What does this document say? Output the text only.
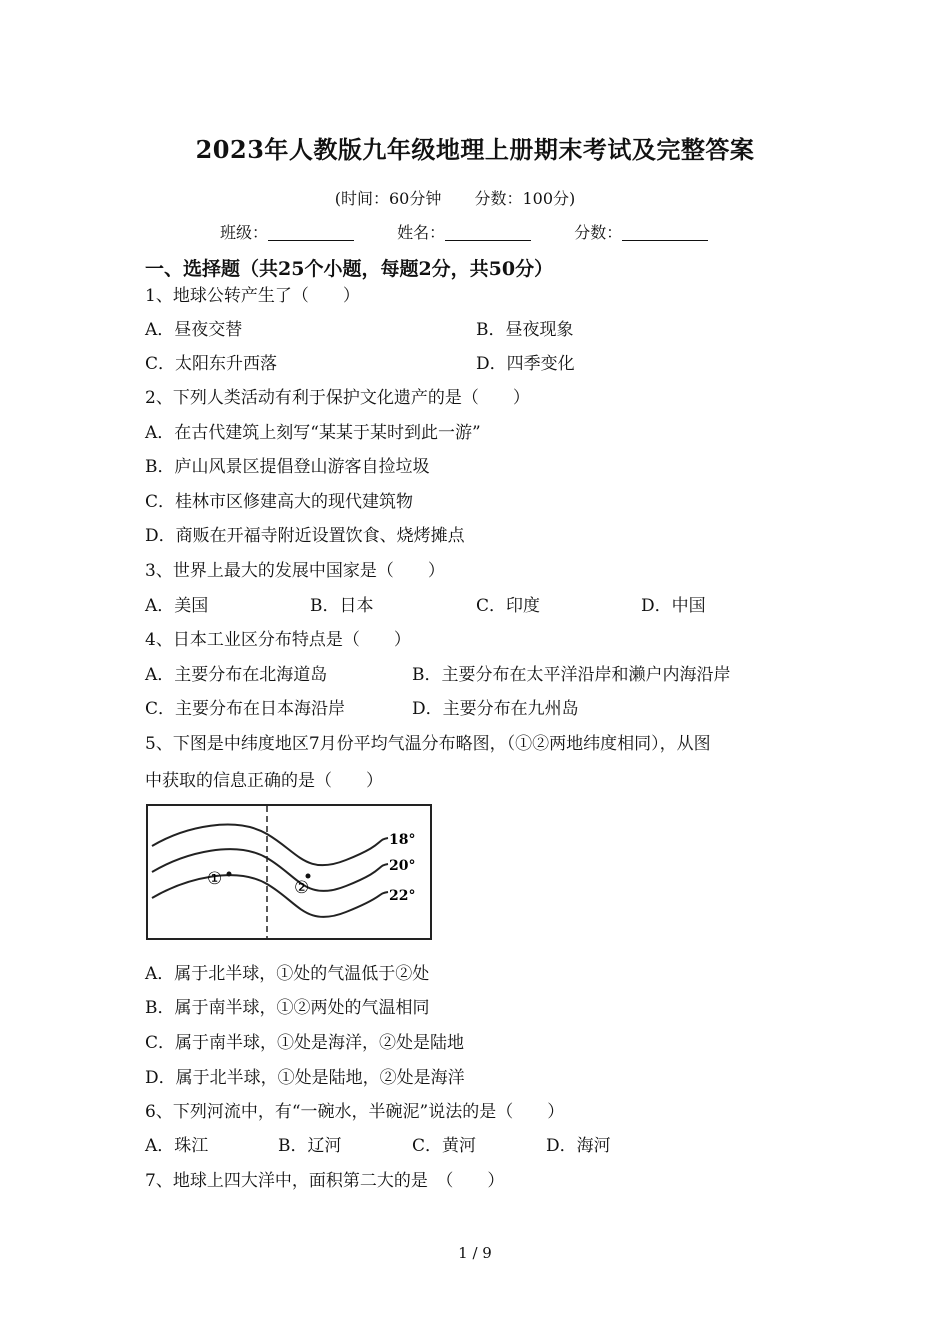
2023年人教版九年级地理上册期末考试及完整答案
(时间：60分钟 分数：100分)
班级：	姓名：	分数：
一、选择题（共25个小题，每题2分，共50分）
1、地球公转产生了（　　）
A．昼夜交替	B．昼夜现象
C．太阳东升西落	D．四季变化
2、下列人类活动有利于保护文化遗产的是（　　）
A．在古代建筑上刻写“某某于某时到此一游”
B．庐山风景区提倡登山游客自捡垃圾
C．桂林市区修建高大的现代建筑物
D．商贩在开福寺附近设置饮食、烧烤摊点
3、世界上最大的发展中国家是（　　）
A．美国	B．日本	C．印度	D．中国
4、日本工业区分布特点是（　　）
A．主要分布在北海道岛	B．主要分布在太平洋沿岸和濑户内海沿岸
C．主要分布在日本海沿岸	D．主要分布在九州岛
5、下图是中纬度地区7月份平均气温分布略图，（①②两地纬度相同），从图
中获取的信息正确的是（　　）
18°
20°
22°
①	②
A．属于北半球，①处的气温低于②处
B．属于南半球，①②两处的气温相同
C．属于南半球，①处是海洋，②处是陆地
D．属于北半球，①处是陆地，②处是海洋
6、下列河流中，有“一碗水，半碗泥”说法的是（　　）
A．珠江	B．辽河	C．黄河	D．海河
7、地球上四大洋中，面积第二大的是　（　　）
1 / 9
